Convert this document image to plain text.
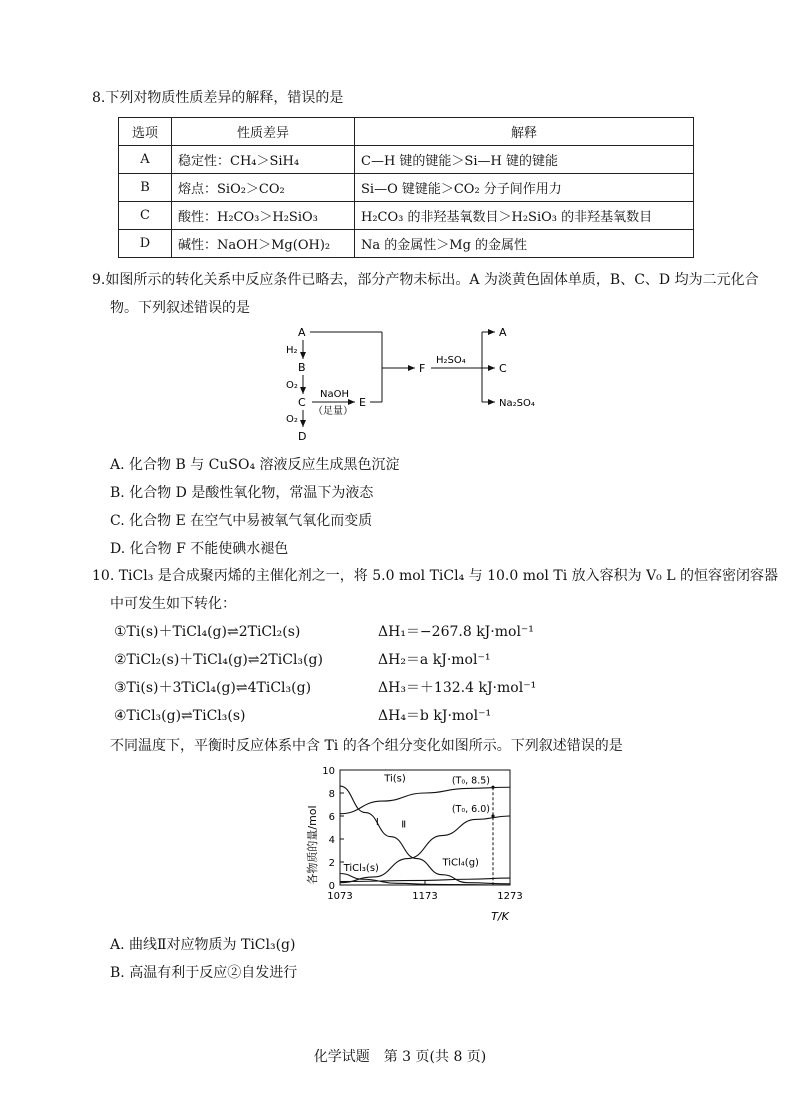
8.下列对物质性质差异的解释，错误的是
选项	性质差异	解释
A	稳定性：CH₄＞SiH₄	C—H 键的键能＞Si—H 键的键能
B	熔点：SiO₂＞CO₂	Si—O 键键能＞CO₂ 分子间作用力
C	酸性：H₂CO₃＞H₂SiO₃	H₂CO₃ 的非羟基氧数目＞H₂SiO₃ 的非羟基氧数目
D	碱性：NaOH＞Mg(OH)₂	Na 的金属性＞Mg 的金属性
9.如图所示的转化关系中反应条件已略去，部分产物未标出。A 为淡黄色固体单质，B、C、D 均为二元化合
物。下列叙述错误的是
A
H₂
B
O₂
C
O₂
D
NaOH
（足量）
E
F
H₂SO₄
A
C
Na₂SO₄
A. 化合物 B 与 CuSO₄ 溶液反应生成黑色沉淀
B. 化合物 D 是酸性氧化物，常温下为液态
C. 化合物 E 在空气中易被氧气氧化而变质
D. 化合物 F 不能使碘水褪色
10. TiCl₃ 是合成聚丙烯的主催化剂之一，将 5.0 mol TiCl₄ 与 10.0 mol Ti 放入容积为 V₀ L 的恒容密闭容器
中可发生如下转化：
①Ti(s)＋TiCl₄(g)⇌2TiCl₂(s)	ΔH₁＝−267.8 kJ·mol⁻¹
②TiCl₂(s)＋TiCl₄(g)⇌2TiCl₃(g)	ΔH₂＝a kJ·mol⁻¹
③Ti(s)＋3TiCl₄(g)⇌4TiCl₃(g)	ΔH₃＝＋132.4 kJ·mol⁻¹
④TiCl₃(g)⇌TiCl₃(s)	ΔH₄＝b kJ·mol⁻¹
不同温度下，平衡时反应体系中含 Ti 的各个组分变化如图所示。下列叙述错误的是
各物质的量/mol
T/K
0
2
4
6
8
10
1073	1173	1273
(T₀, 8.5)
(T₀, 6.0)
Ti(s)
Ⅰ Ⅱ
TiCl₃(s)
TiCl₄(g)
A. 曲线Ⅱ对应物质为 TiCl₃(g)
B. 高温有利于反应②自发进行
化学试题　第 3 页(共 8 页)
